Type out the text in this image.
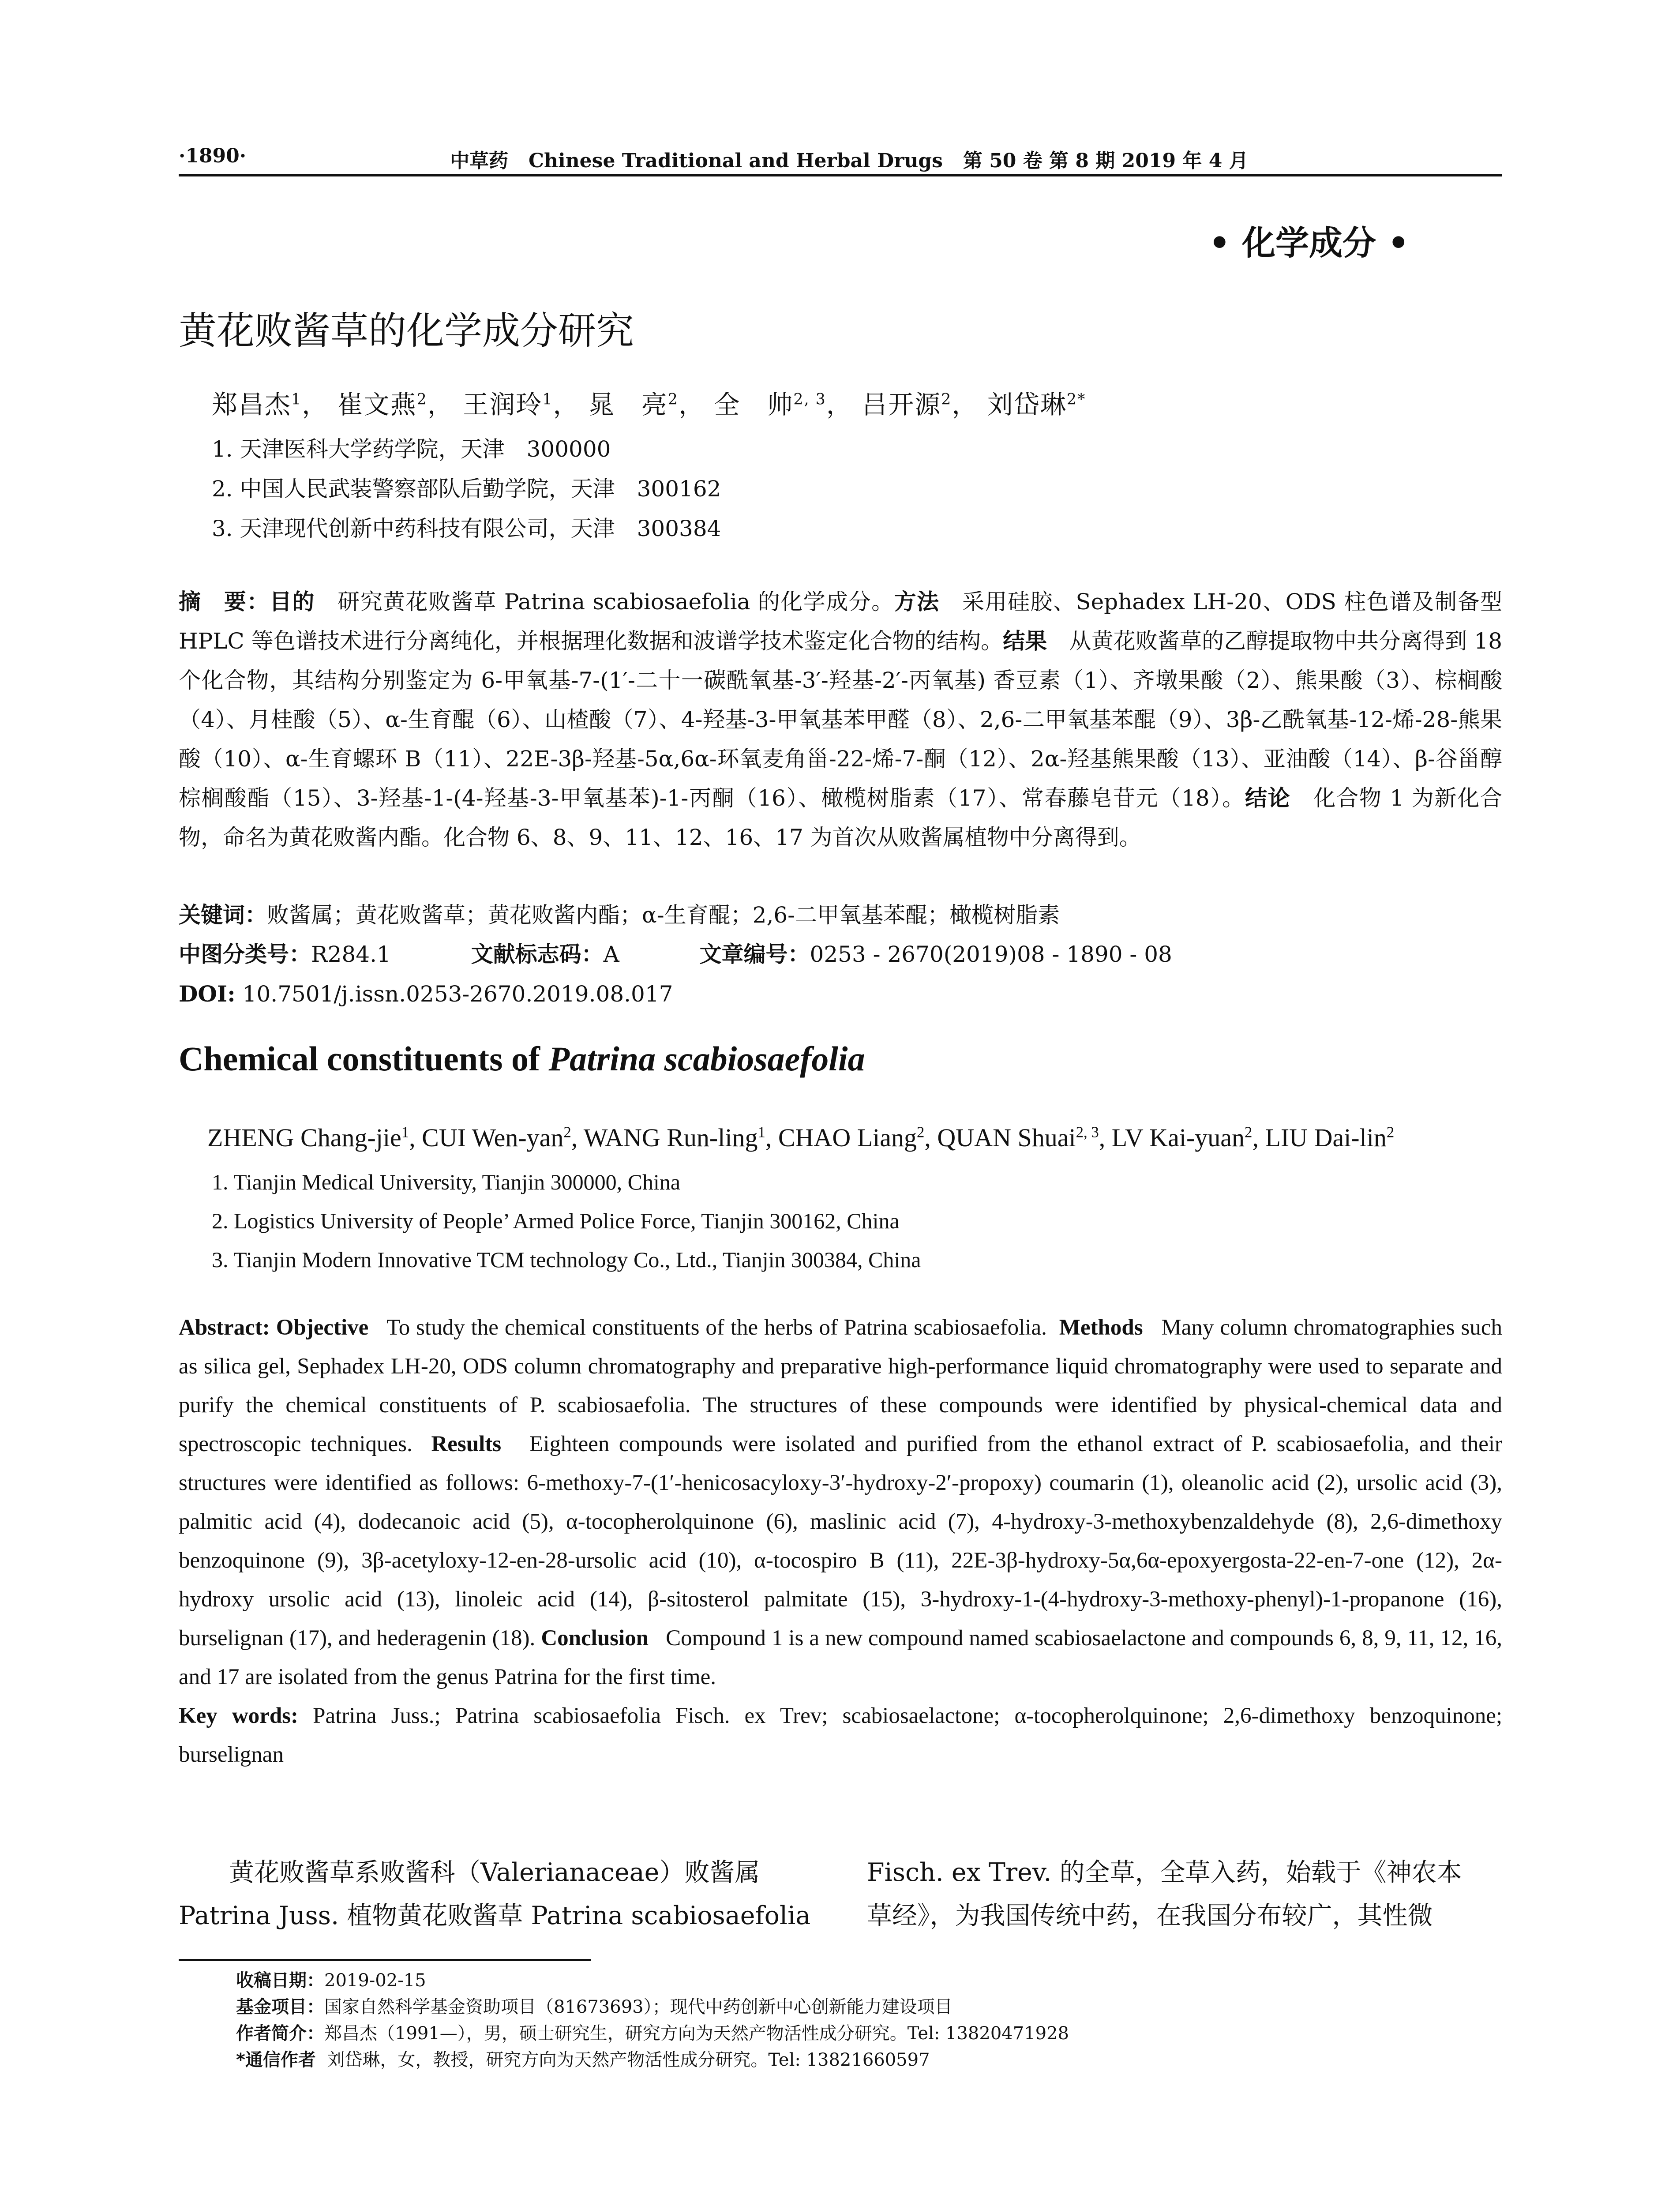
·1890·	中草药 Chinese Traditional and Herbal Drugs 第 50 卷 第 8 期 2019 年 4 月
• 化学成分 •
黄花败酱草的化学成分研究
郑昌杰$^1$， 崔文燕$^2$， 王润玲$^1$， 晁　亮$^2$， 全　帅$^{2, 3}$， 吕开源$^2$， 刘岱琳$^{2*}$
1. 天津医科大学药学院，天津　300000
2. 中国人民武装警察部队后勤学院，天津　300162
3. 天津现代创新中药科技有限公司，天津　300384
摘　要：目的　 研究黄花败酱草 Patrina scabiosaefolia 的化学成分。方法　 采用硅胶、Sephadex LH-20、ODS 柱色谱及制备型 HPLC 等色谱技术进行分离纯化，并根据理化数据和波谱学技术鉴定化合物的结构。结果　 从黄花败酱草的乙醇提取物中共分离得到 18 个化合物，其结构分别鉴定为 6-甲氧基-7-(1′-二十一碳酰氧基-3′-羟基-2′-丙氧基) 香豆素（1）、齐墩果酸（2）、熊果酸（3）、棕榈酸（4）、月桂酸（5）、α-生育醌（6）、山楂酸（7）、4-羟基-3-甲氧基苯甲醛（8）、2,6-二甲氧基苯醌（9）、3β-乙酰氧基-12-烯-28-熊果酸（10）、α-生育螺环 B（11）、22E-3β-羟基-5α,6α-环氧麦角甾-22-烯-7-酮（12）、2α-羟基熊果酸（13）、亚油酸（14）、β-谷甾醇棕榈酸酯（15）、3-羟基-1-(4-羟基-3-甲氧基苯)-1-丙酮（16）、橄榄树脂素（17）、常春藤皂苷元（18）。结论　 化合物 1 为新化合物，命名为黄花败酱内酯。化合物 6、8、9、11、12、16、17 为首次从败酱属植物中分离得到。
关键词：败酱属；黄花败酱草；黄花败酱内酯；α-生育醌；2,6-二甲氧基苯醌；橄榄树脂素
中图分类号：R284.1	文献标志码：A	文章编号：0253 - 2670(2019)08 - 1890 - 08
DOI: 10.7501/j.issn.0253-2670.2019.08.017
Chemical constituents of Patrina scabiosaefolia
ZHENG Chang-jie$^1$, CUI Wen-yan$^2$, WANG Run-ling$^1$, CHAO Liang$^2$, QUAN Shuai$^{2, 3}$, LV Kai-yuan$^2$, LIU Dai-lin$^2$
1. Tianjin Medical University, Tianjin 300000, China
2. Logistics University of People’ Armed Police Force, Tianjin 300162, China
3. Tianjin Modern Innovative TCM technology Co., Ltd., Tianjin 300384, China

Abstract: Objective To study the chemical constituents of the herbs of Patrina scabiosaefolia. Methods Many column chromatographies such as silica gel, Sephadex LH-20, ODS column chromatography and preparative high-performance liquid chromatography were used to separate and purify the chemical constituents of P. scabiosaefolia. The structures of these compounds were identified by physical-chemical data and spectroscopic techniques. Results Eighteen compounds were isolated and purified from the ethanol extract of P. scabiosaefolia, and their structures were identified as follows: 6-methoxy-7-(1′-henicosacyloxy-3′-hydroxy-2′-propoxy) coumarin (1), oleanolic acid (2), ursolic acid (3), palmitic acid (4), dodecanoic acid (5), α-tocopherolquinone (6), maslinic acid (7), 4-hydroxy-3-methoxybenzaldehyde (8), 2,6-dimethoxy benzoquinone (9), 3β-acetyloxy-12-en-28-ursolic acid (10), α-tocospiro B (11), 22E-3β-hydroxy-5α,6α-epoxyergosta-22-en-7-one (12), 2α-hydroxy ursolic acid (13), linoleic acid (14), β-sitosterol palmitate (15), 3-hydroxy-1-(4-hydroxy-3-methoxy-phenyl)-1-propanone (16), burselignan (17), and hederagenin (18). Conclusion Compound 1 is a new compound named scabiosaelactone and compounds 6, 8, 9, 11, 12, 16, and 17 are isolated from the genus Patrina for the first time.

Key words: Patrina Juss.; Patrina scabiosaefolia Fisch. ex Trev; scabiosaelactone; α-tocopherolquinone; 2,6-dimethoxy benzoquinone; burselignan

黄花败酱草系败酱科（Valerianaceae）败酱属
Patrina Juss. 植物黄花败酱草 Patrina scabiosaefolia
Fisch. ex Trev. 的全草，全草入药，始载于《神农本
草经》，为我国传统中药，在我国分布较广，其性微
收稿日期：2019-02-15
基金项目：国家自然科学基金资助项目（81673693）；现代中药创新中心创新能力建设项目
作者简介：郑昌杰（1991—），男，硕士研究生，研究方向为天然产物活性成分研究。Tel: 13820471928
*通信作者 刘岱琳，女，教授，研究方向为天然产物活性成分研究。Tel: 13821660597
